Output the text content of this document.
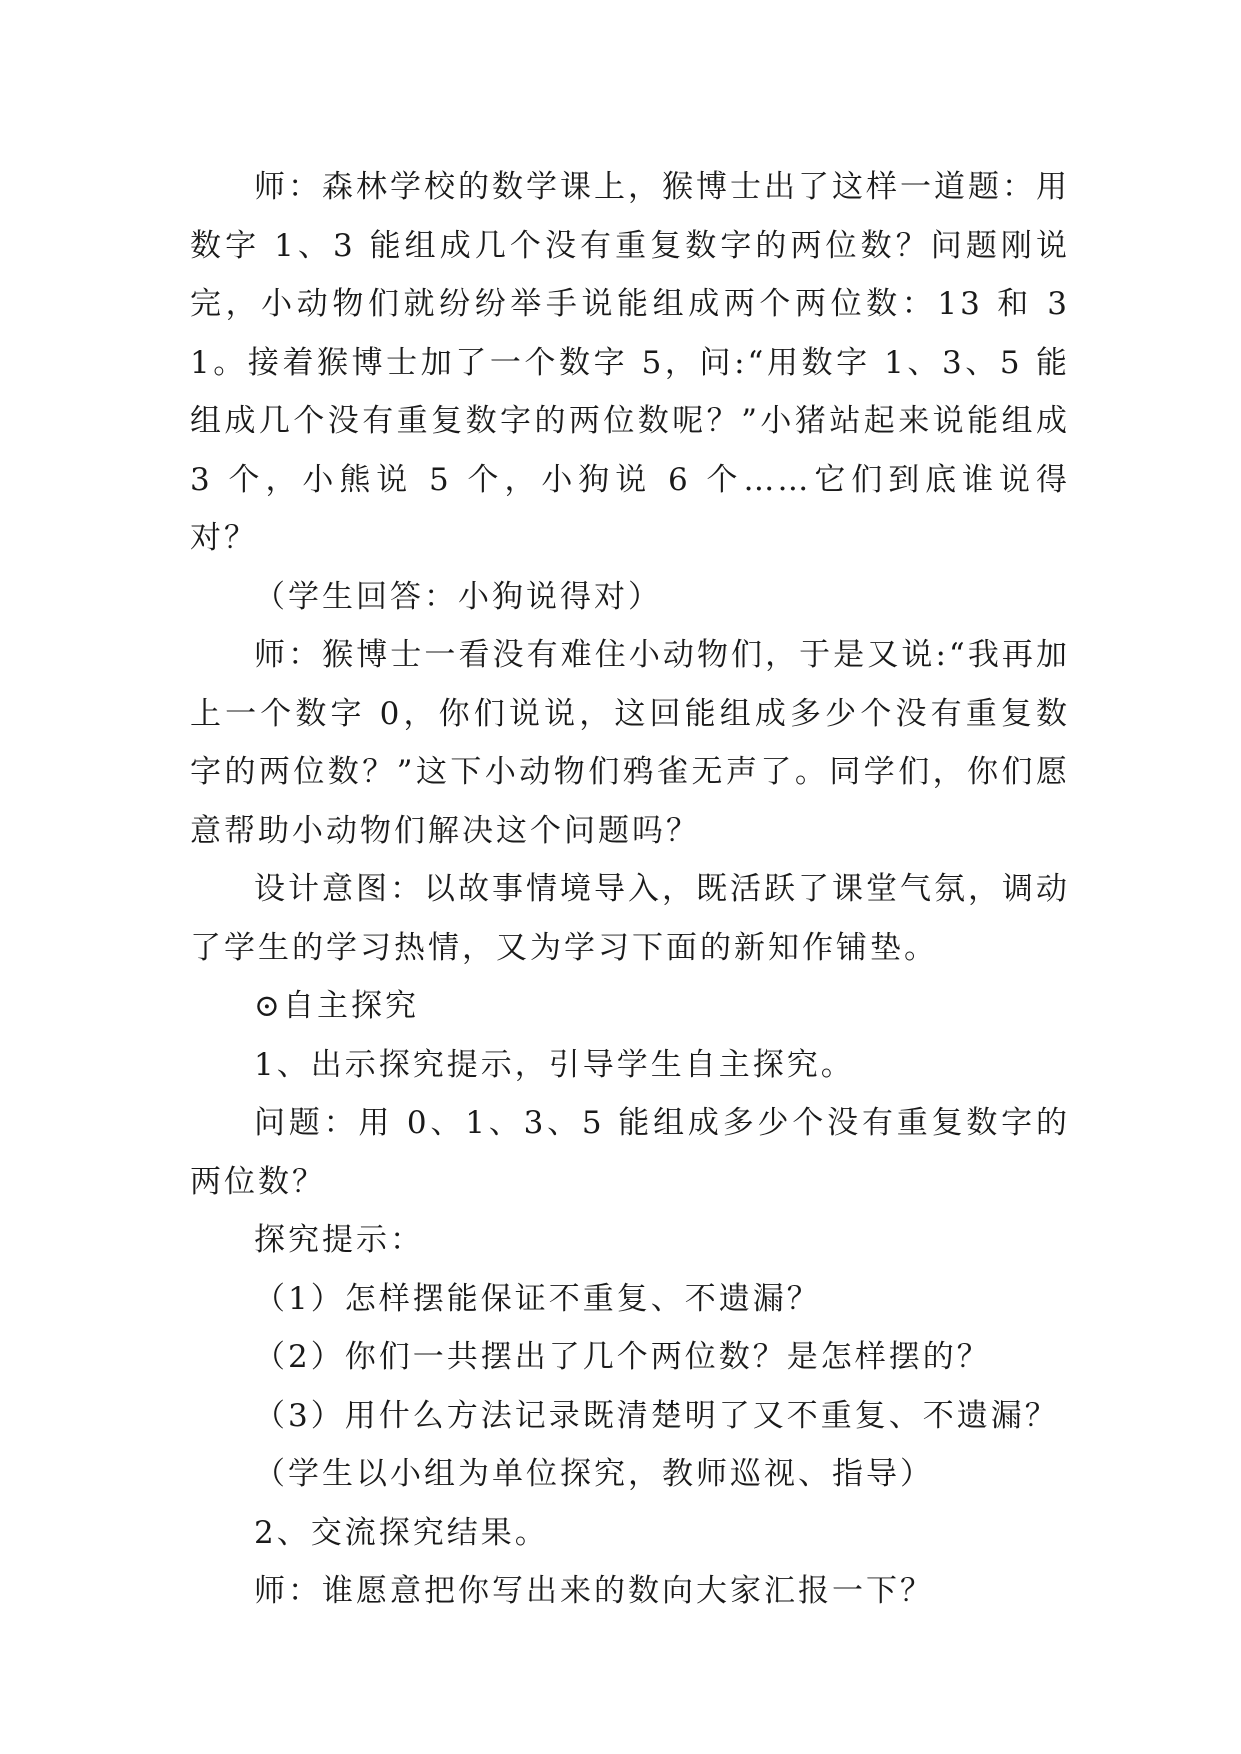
师：森林学校的数学课上，猴博士出了这样一道题：用数字 1、3 能组成几个没有重复数字的两位数？问题刚说完，小动物们就纷纷举手说能组成两个两位数：13 和 31。接着猴博士加了一个数字 5，问:“用数字 1、3、5 能组成几个没有重复数字的两位数呢？”小猪站起来说能组成 3 个，小熊说 5 个，小狗说 6 个……它们到底谁说得对？

（学生回答：小狗说得对）

师：猴博士一看没有难住小动物们，于是又说:“我再加上一个数字 0，你们说说，这回能组成多少个没有重复数字的两位数？”这下小动物们鸦雀无声了。同学们，你们愿意帮助小动物们解决这个问题吗？

设计意图：以故事情境导入，既活跃了课堂气氛，调动了学生的学习热情，又为学习下面的新知作铺垫。

⊙自主探究

1、出示探究提示，引导学生自主探究。

问题：用 0、1、3、5 能组成多少个没有重复数字的两位数？

探究提示：

（1）怎样摆能保证不重复、不遗漏？

（2）你们一共摆出了几个两位数？是怎样摆的？

（3）用什么方法记录既清楚明了又不重复、不遗漏？

（学生以小组为单位探究，教师巡视、指导）

2、交流探究结果。

师：谁愿意把你写出来的数向大家汇报一下？
